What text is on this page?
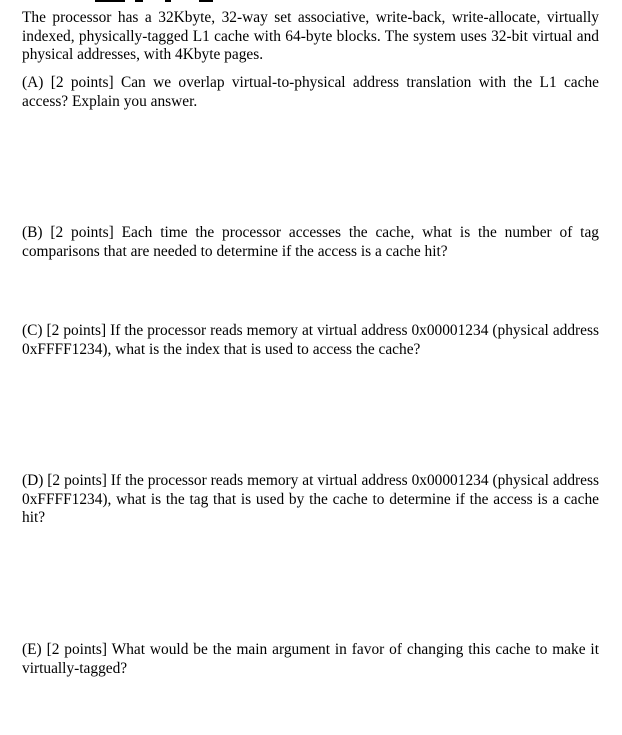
The processor has a 32Kbyte, 32-way set associative, write-back, write-allocate, virtually indexed, physically-tagged L1 cache with 64-byte blocks. The system uses 32-bit virtual and physical addresses, with 4Kbyte pages.

(A) [2 points] Can we overlap virtual-to-physical address translation with the L1 cache access? Explain you answer.

(B) [2 points] Each time the processor accesses the cache, what is the number of tag comparisons that are needed to determine if the access is a cache hit?

(C) [2 points] If the processor reads memory at virtual address 0x00001234 (physical address 0xFFFF1234), what is the index that is used to access the cache?

(D) [2 points] If the processor reads memory at virtual address 0x00001234 (physical address 0xFFFF1234), what is the tag that is used by the cache to determine if the access is a cache hit?

(E) [2 points] What would be the main argument in favor of changing this cache to make it virtually-tagged?
